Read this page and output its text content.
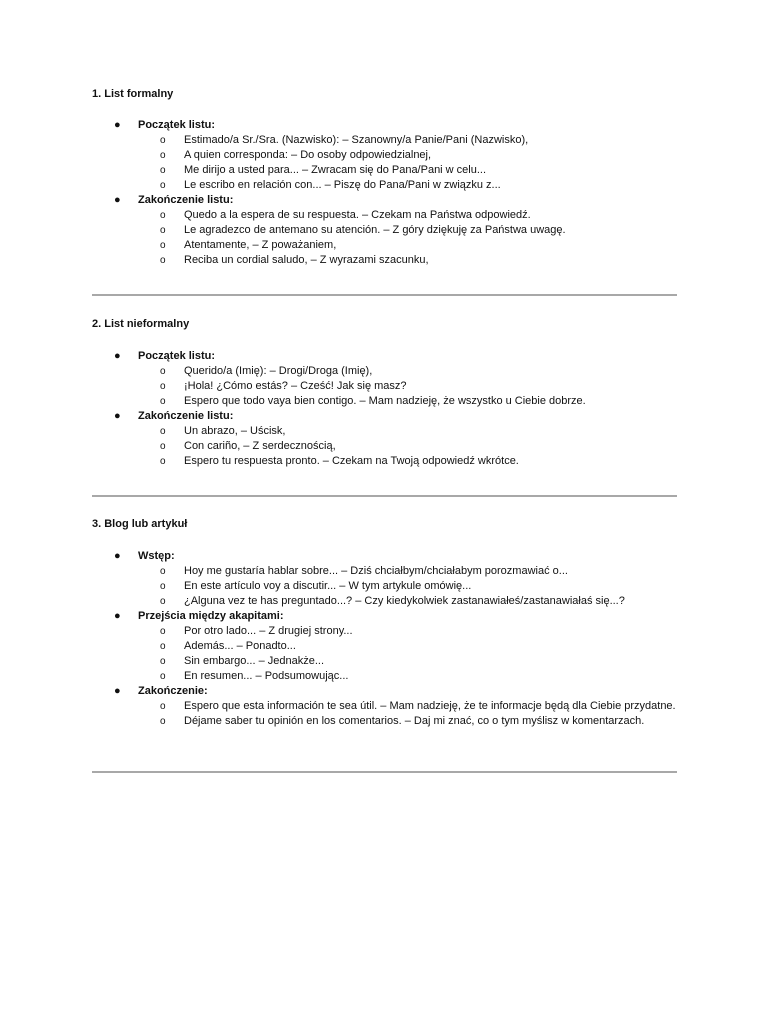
1. List formalny

● Początek listu:
o Estimado/a Sr./Sra. (Nazwisko): – Szanowny/a Panie/Pani (Nazwisko),
o A quien corresponda: – Do osoby odpowiedzialnej,
o Me dirijo a usted para... – Zwracam się do Pana/Pani w celu...
o Le escribo en relación con... – Piszę do Pana/Pani w związku z...
● Zakończenie listu:
o Quedo a la espera de su respuesta. – Czekam na Państwa odpowiedź.
o Le agradezco de antemano su atención. – Z góry dziękuję za Państwa uwagę.
o Atentamente, – Z poważaniem,
o Reciba un cordial saludo, – Z wyrazami szacunku,

2. List nieformalny

● Początek listu:
o Querido/a (Imię): – Drogi/Droga (Imię),
o ¡Hola! ¿Cómo estás? – Cześć! Jak się masz?
o Espero que todo vaya bien contigo. – Mam nadzieję, że wszystko u Ciebie dobrze.
● Zakończenie listu:
o Un abrazo, – Uścisk,
o Con cariño, – Z serdecznością,
o Espero tu respuesta pronto. – Czekam na Twoją odpowiedź wkrótce.

3. Blog lub artykuł

● Wstęp:
o Hoy me gustaría hablar sobre... – Dziś chciałbym/chciałabym porozmawiać o...
o En este artículo voy a discutir... – W tym artykule omówię...
o ¿Alguna vez te has preguntado...? – Czy kiedykolwiek zastanawiałeś/zastanawiałaś się...?
● Przejścia między akapitami:
o Por otro lado... – Z drugiej strony...
o Además... – Ponadto...
o Sin embargo... – Jednakże...
o En resumen... – Podsumowując...
● Zakończenie:
o Espero que esta información te sea útil. – Mam nadzieję, że te informacje będą dla Ciebie przydatne.
o Déjame saber tu opinión en los comentarios. – Daj mi znać, co o tym myślisz w komentarzach.
